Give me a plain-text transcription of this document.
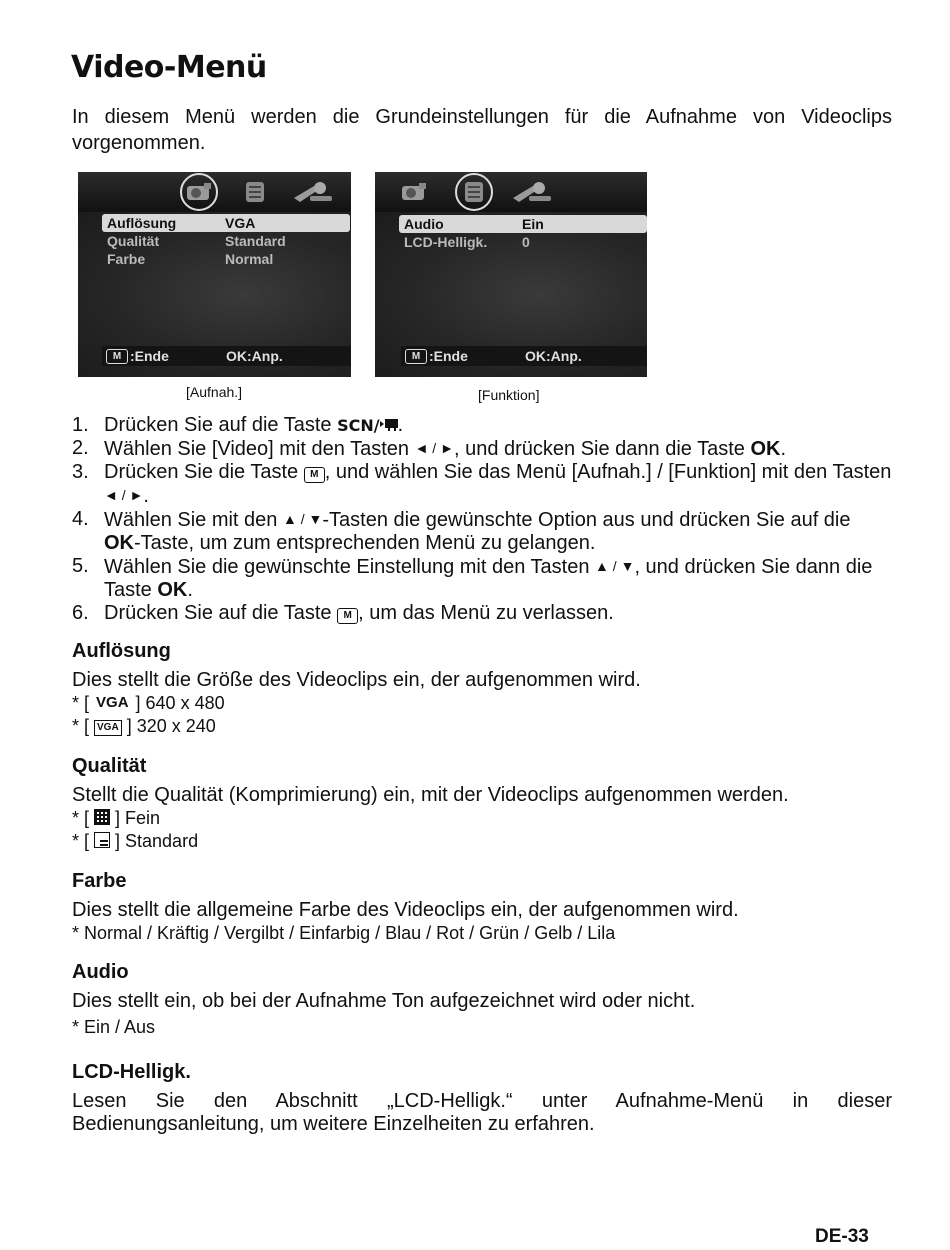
Video-Menü
In diesem Menü werden die Grundeinstellungen für die Aufnahme von Videoclips vorgenommen.
Auflösung	VGA
Qualität	Standard
Farbe	Normal
M :Ende	OK:Anp.
[Aufnah.]
Audio	Ein
LCD-Helligk. 0
M :Ende	OK:Anp.
[Funktion]
1. Drücken Sie auf die Taste SCN/ .
2. Wählen Sie [Video] mit den Tasten ◄ / ►, und drücken Sie dann die Taste OK.
3. Drücken Sie die Taste M , und wählen Sie das Menü [Aufnah.] / [Funktion] mit den Tasten ◄ / ►.
4. Wählen Sie mit den ▲ / ▼-Tasten die gewünschte Option aus und drücken Sie auf die OK-Taste, um zum entsprechenden Menü zu gelangen.
5. Wählen Sie die gewünschte Einstellung mit den Tasten ▲ / ▼, und drücken Sie dann die Taste OK.
6. Drücken Sie auf die Taste M , um das Menü zu verlassen.
Auflösung

Dies stellt die Größe des Videoclips ein, der aufgenommen wird.

* [ VGA ] 640 x 480
* [ VGA ] 320 x 240
Qualität

Stellt die Qualität (Komprimierung) ein, mit der Videoclips aufgenommen werden.

* [  ] Fein
* [  ] Standard
Farbe

Dies stellt die allgemeine Farbe des Videoclips ein, der aufgenommen wird.

* Normal / Kräftig / Vergilbt / Einfarbig / Blau / Rot / Grün / Gelb / Lila
Audio

Dies stellt ein, ob bei der Aufnahme Ton aufgezeichnet wird oder nicht.

* Ein / Aus
LCD-Helligk.

Lesen Sie den Abschnitt „LCD-Helligk.“ unter Aufnahme-Menü in dieser Bedienungsanleitung, um weitere Einzelheiten zu erfahren.

DE-33
